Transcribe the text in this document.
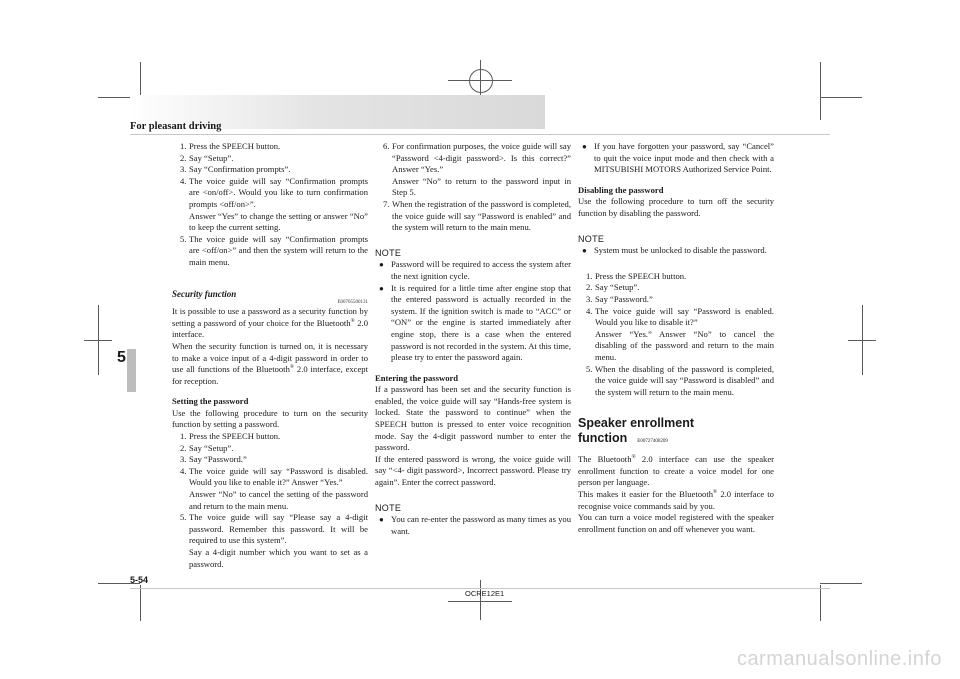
For pleasant driving
5
1. Press the SPEECH button.
2. Say “Setup”.
3. Say “Confirmation prompts”.
4. The voice guide will say “Confirmation prompts are <on/off>. Would you like to turn confirmation prompts <off/on>”.
Answer “Yes” to change the setting or answer “No” to keep the current setting.
5. The voice guide will say “Confirmation prompts are <off/on>” and then the system will return to the main menu.
Security function
E00705500131

It is possible to use a password as a security function by setting a password of your choice for the Bluetooth® 2.0 interface.

When the security function is turned on, it is necessary to make a voice input of a 4-digit password in order to use all functions of the Bluetooth® 2.0 interface, except for reception.

Setting the password

Use the following procedure to turn on the security function by setting a password.

1. Press the SPEECH button.
2. Say “Setup”.
3. Say “Password.”
4. The voice guide will say “Password is disabled. Would you like to enable it?” Answer “Yes.”
Answer “No” to cancel the setting of the password and return to the main menu.
5. The voice guide will say “Please say a 4-digit password. Remember this password. It will be required to use this system”.
Say a 4-digit number which you want to set as a password.
6. For confirmation purposes, the voice guide will say “Password <4-digit password>. Is this correct?” Answer “Yes.”
Answer “No” to return to the password input in Step 5.
7. When the registration of the password is completed, the voice guide will say “Password is enabled” and the system will return to the main menu.
NOTE
● Password will be required to access the system after the next ignition cycle.
● It is required for a little time after engine stop that the entered password is actually recorded in the system. If the ignition switch is made to “ACC” or “ON” or the engine is started immediately after engine stop, there is a case when the entered password is not recorded in the system. At this time, please try to enter the password again.
Entering the password

If a password has been set and the security function is enabled, the voice guide will say “Hands-free system is locked. State the password to continue” when the SPEECH button is pressed to enter voice recognition mode. Say the 4-digit password number to enter the password.

If the entered password is wrong, the voice guide will say “<4- digit password>, Incorrect password. Please try again”. Enter the correct password.

NOTE
● You can re-enter the password as many times as you want.
● If you have forgotten your password, say “Cancel” to quit the voice input mode and then check with a MITSUBISHI MOTORS Authorized Service Point.
Disabling the password

Use the following procedure to turn off the security function by disabling the password.

NOTE
● System must be unlocked to disable the password.
1. Press the SPEECH button.
2. Say “Setup”.
3. Say “Password.”
4. The voice guide will say “Password is enabled. Would you like to disable it?”
Answer “Yes.” Answer “No” to cancel the disabling of the password and return to the main menu.
5. When the disabling of the password is completed, the voice guide will say “Password is disabled” and the system will return to the main menu.
Speaker enrollment function E00727400209

The Bluetooth® 2.0 interface can use the speaker enrollment function to create a voice model for one person per language.

This makes it easier for the Bluetooth® 2.0 interface to recognise voice commands said by you.

You can turn a voice model registered with the speaker enrollment function on and off whenever you want.

5-54
OCRE12E1
carmanualsonline.info
